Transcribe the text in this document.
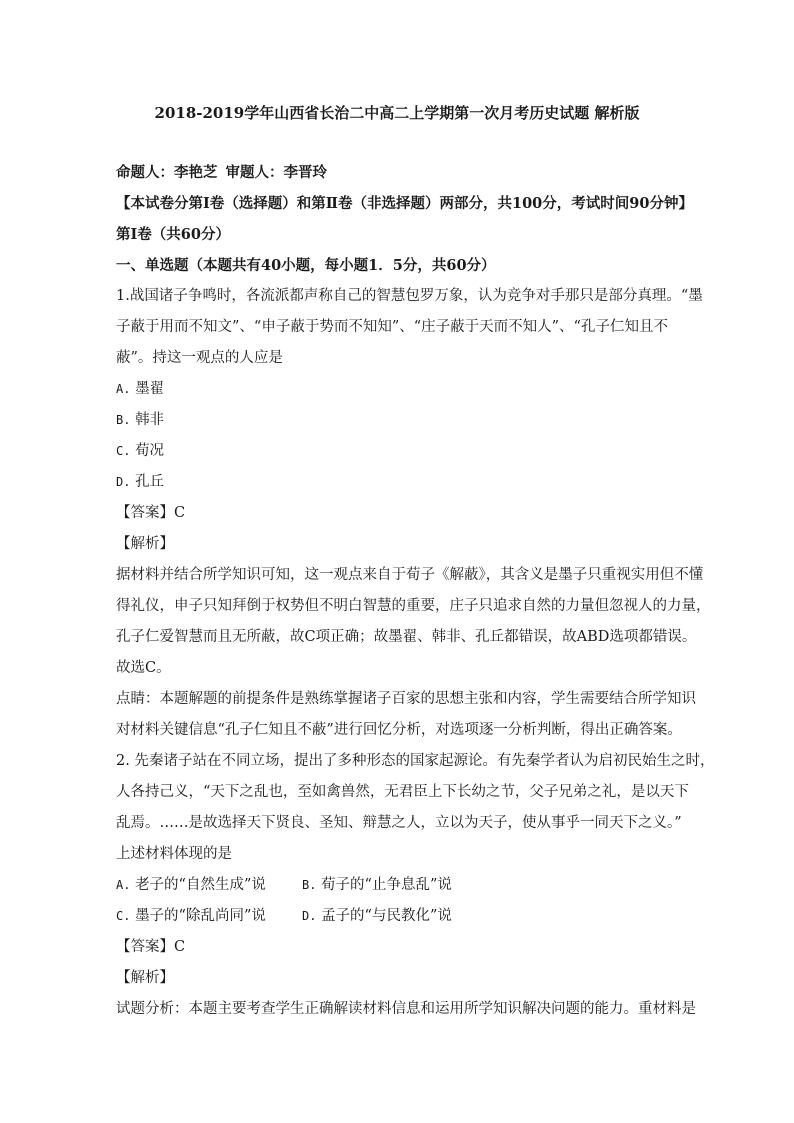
2018-2019学年山西省长治二中高二上学期第一次月考历史试题 解析版
命题人：李艳芝 审题人：李晋玲
【本试卷分第Ⅰ卷（选择题）和第Ⅱ卷（非选择题）两部分，共100分，考试时间90分钟】
第Ⅰ卷（共60分）
一、单选题（本题共有40小题，每小题1．5分，共60分）
1.战国诸子争鸣时，各流派都声称自己的智慧包罗万象，认为竞争对手那只是部分真理。“墨
子蔽于用而不知文”、“申子蔽于势而不知知”、“庄子蔽于天而不知人”、“孔子仁知且不
蔽”。持这一观点的人应是
A. 墨翟
B. 韩非
C. 荀况
D. 孔丘
【答案】C
【解析】
据材料并结合所学知识可知，这一观点来自于荀子《解蔽》，其含义是墨子只重视实用但不懂
得礼仪，申子只知拜倒于权势但不明白智慧的重要，庄子只追求自然的力量但忽视人的力量，
孔子仁爱智慧而且无所蔽，故C项正确；故墨翟、韩非、孔丘都错误，故ABD选项都错误。
故选C。
点睛：本题解题的前提条件是熟练掌握诸子百家的思想主张和内容，学生需要结合所学知识
对材料关键信息“孔子仁知且不蔽”进行回忆分析，对选项逐一分析判断，得出正确答案。
2. 先秦诸子站在不同立场，提出了多种形态的国家起源论。有先秦学者认为启初民始生之时，
人各持己义，“天下之乱也，至如禽兽然，无君臣上下长幼之节，父子兄弟之礼，是以天下
乱焉。……是故选择天下贤良、圣知、辩慧之人，立以为天子，使从事乎一同天下之义。”
上述材料体现的是
A. 老子的“自然生成”说	B. 荀子的“止争息乱”说
C. 墨子的“除乱尚同”说	D. 孟子的“与民教化”说
【答案】C
【解析】
试题分析：本题主要考查学生正确解读材料信息和运用所学知识解决问题的能力。重材料是
